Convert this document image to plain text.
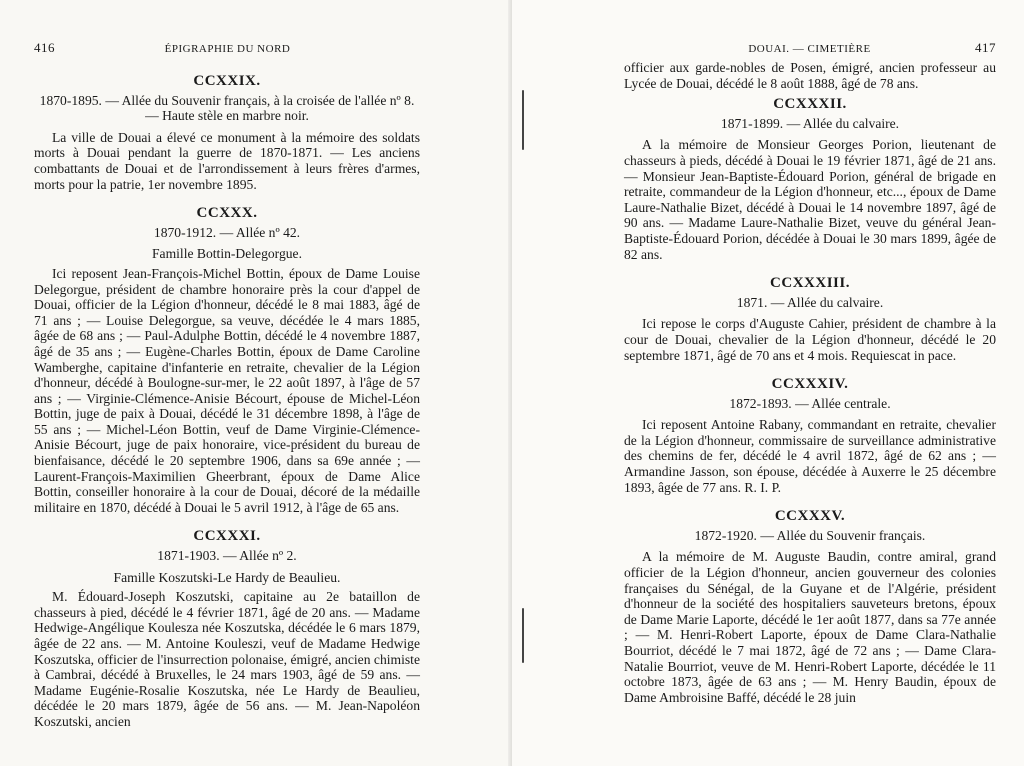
416	ÉPIGRAPHIE DU NORD
CCXXIX.
1870-1895. — Allée du Souvenir français, à la croisée de l'allée nº 8. — Haute stèle en marbre noir.

La ville de Douai a élevé ce monument à la mémoire des soldats morts à Douai pendant la guerre de 1870-1871. — Les anciens combattants de Douai et de l'arrondissement à leurs frères d'armes, morts pour la patrie, 1er novembre 1895.

CCXXX.
1870-1912. — Allée nº 42.
Famille Bottin-Delegorgue.

Ici reposent Jean-François-Michel Bottin, époux de Dame Louise Delegorgue, président de chambre honoraire près la cour d'appel de Douai, officier de la Légion d'honneur, décédé le 8 mai 1883, âgé de 71 ans ; — Louise Delegorgue, sa veuve, décédée le 4 mars 1885, âgée de 68 ans ; — Paul-Adulphe Bottin, décédé le 4 novembre 1887, âgé de 35 ans ; — Eugène-Charles Bottin, époux de Dame Caroline Wamberghe, capitaine d'infanterie en retraite, chevalier de la Légion d'honneur, décédé à Boulogne-sur-mer, le 22 août 1897, à l'âge de 57 ans ; — Virginie-Clémence-Anisie Bécourt, épouse de Michel-Léon Bottin, juge de paix à Douai, décédé le 31 décembre 1898, à l'âge de 55 ans ; — Michel-Léon Bottin, veuf de Dame Virginie-Clémence-Anisie Bécourt, juge de paix honoraire, vice-président du bureau de bienfaisance, décédé le 20 septembre 1906, dans sa 69e année ; — Laurent-François-Maximilien Gheerbrant, époux de Dame Alice Bottin, conseiller honoraire à la cour de Douai, décoré de la médaille militaire en 1870, décédé à Douai le 5 avril 1912, à l'âge de 65 ans.

CCXXXI.
1871-1903. — Allée nº 2.
Famille Koszutski-Le Hardy de Beaulieu.

M. Édouard-Joseph Koszutski, capitaine au 2e bataillon de chasseurs à pied, décédé le 4 février 1871, âgé de 20 ans. — Madame Hedwige-Angélique Koulesza née Koszutska, décédée le 6 mars 1879, âgée de 22 ans. — M. Antoine Kouleszi, veuf de Madame Hedwige Koszutska, officier de l'insurrection polonaise, émigré, ancien chimiste à Cambrai, décédé à Bruxelles, le 24 mars 1903, âgé de 59 ans. — Madame Eugénie-Rosalie Koszutska, née Le Hardy de Beaulieu, décédée le 20 mars 1879, âgée de 56 ans. — M. Jean-Napoléon Koszutski, ancien

DOUAI. — CIMETIÈRE	417

officier aux garde-nobles de Posen, émigré, ancien professeur au Lycée de Douai, décédé le 8 août 1888, âgé de 78 ans.

CCXXXII.
1871-1899. — Allée du calvaire.

A la mémoire de Monsieur Georges Porion, lieutenant de chasseurs à pieds, décédé à Douai le 19 février 1871, âgé de 21 ans. — Monsieur Jean-Baptiste-Édouard Porion, général de brigade en retraite, commandeur de la Légion d'honneur, etc..., époux de Dame Laure-Nathalie Bizet, décédé à Douai le 14 novembre 1897, âgé de 90 ans. — Madame Laure-Nathalie Bizet, veuve du général Jean-Baptiste-Édouard Porion, décédée à Douai le 30 mars 1899, âgée de 82 ans.

CCXXXIII.
1871. — Allée du calvaire.

Ici repose le corps d'Auguste Cahier, président de chambre à la cour de Douai, chevalier de la Légion d'honneur, décédé le 20 septembre 1871, âgé de 70 ans et 4 mois. Requiescat in pace.

CCXXXIV.
1872-1893. — Allée centrale.

Ici reposent Antoine Rabany, commandant en retraite, chevalier de la Légion d'honneur, commissaire de surveillance administrative des chemins de fer, décédé le 4 avril 1872, âgé de 62 ans ; — Armandine Jasson, son épouse, décédée à Auxerre le 25 décembre 1893, âgée de 77 ans. R. I. P.

CCXXXV.
1872-1920. — Allée du Souvenir français.

A la mémoire de M. Auguste Baudin, contre amiral, grand officier de la Légion d'honneur, ancien gouverneur des colonies françaises du Sénégal, de la Guyane et de l'Algérie, président d'honneur de la société des hospitaliers sauveteurs bretons, époux de Dame Marie Laporte, décédé le 1er août 1877, dans sa 77e année ; — M. Henri-Robert Laporte, époux de Dame Clara-Nathalie Bourriot, décédé le 7 mai 1872, âgé de 72 ans ; — Dame Clara-Natalie Bourriot, veuve de M. Henri-Robert Laporte, décédée le 11 octobre 1873, âgée de 63 ans ; — M. Henry Baudin, époux de Dame Ambroisine Baffé, décédé le 28 juin
